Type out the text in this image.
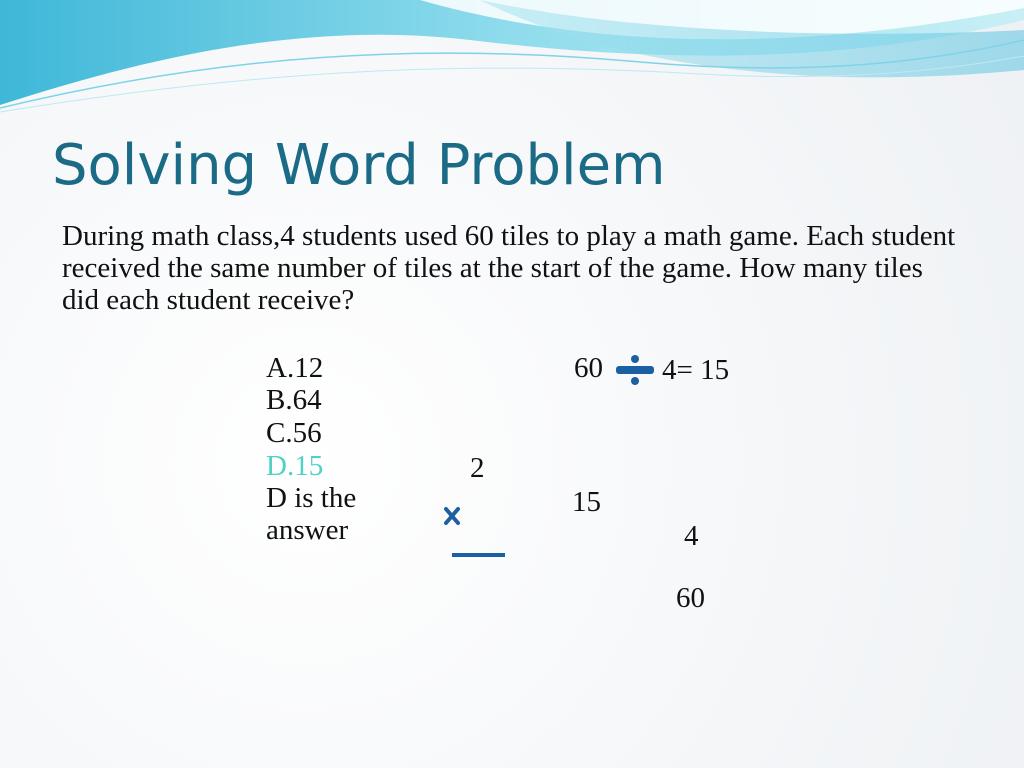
Solving Word Problem

During math class,4 students used 60 tiles to play a math game. Each student received the same number of tiles at the start of the game. How many tiles did each student receive?

A.12
B.64
C.56
D.15
D is the
answer
60 4= 15
2
15
4
60
